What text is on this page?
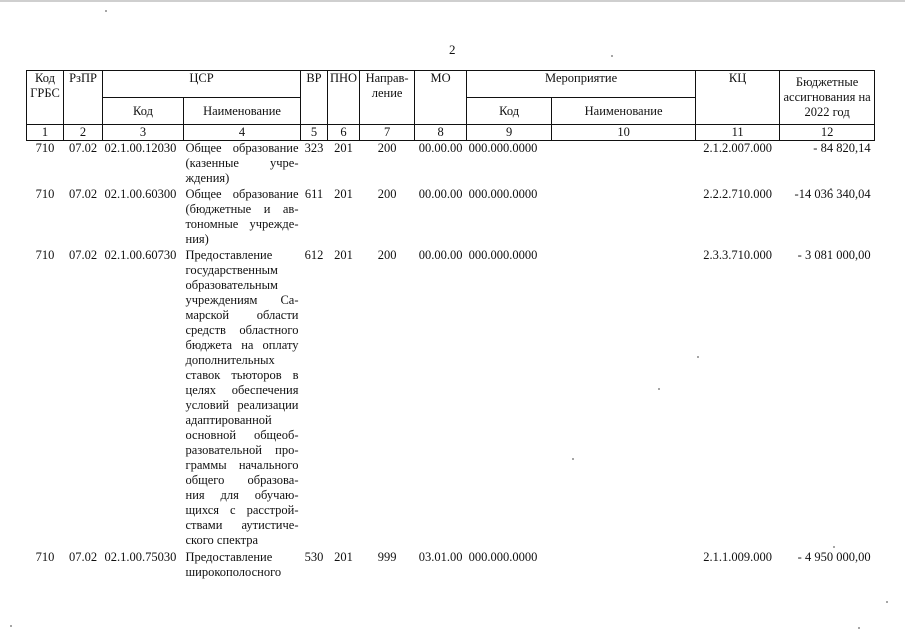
2
Код ГРБС	РзПР	ЦСР		ВР	ПНО	Направ- ление	МО	Мероприятие		КЦ	Бюджетные ассигнования на 2022 год
		Код	Наименование					Код	Наименование		
1	2	3	4	5	6	7	8	9	10	11	12
710	07.02	02.1.00.12030	Общее образование (казенные учре- ждения)	323	201	200	00.00.00	000.000.0000		2.1.2.007.000	- 84 820,14
710	07.02	02.1.00.60300	Общее образование (бюджетные и ав- тономные учрежде- ния)	611	201	200	00.00.00	000.000.0000		2.2.2.710.000	-14 036 340,04
710	07.02	02.1.00.60730	Предоставление государственным образовательным учреждениям Са- марской области средств областного бюджета на оплату дополнительных ставок тьюторов в целях обеспечения условий реализации адаптированной основной общеоб- разовательной про- граммы начального общего образова- ния для обучаю- щихся с расстрой- ствами аутистиче- ского спектра	612	201	200	00.00.00	000.000.0000		2.3.3.710.000	- 3 081 000,00
710	07.02	02.1.00.75030	Предоставление широкополосного	530	201	999	03.01.00	000.000.0000		2.1.1.009.000	- 4 950 000,00
